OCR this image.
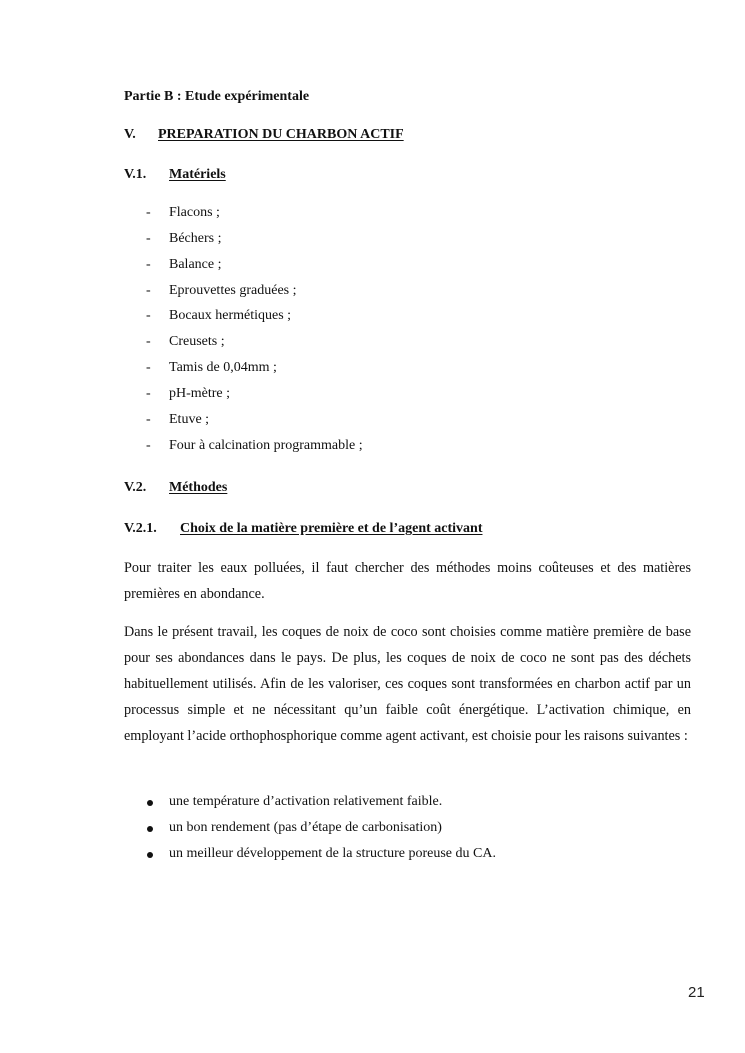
Partie B : Etude expérimentale
V. PREPARATION DU CHARBON ACTIF
V.1. Matériels
- Flacons ;
- Béchers ;
- Balance ;
- Eprouvettes graduées ;
- Bocaux hermétiques ;
- Creusets ;
- Tamis de 0,04mm ;
- pH-mètre ;
- Etuve ;
- Four à calcination programmable ;
V.2. Méthodes
V.2.1. Choix de la matière première et de l’agent activant

Pour traiter les eaux polluées, il faut chercher des méthodes moins coûteuses et des matières premières en abondance.

Dans le présent travail, les coques de noix de coco sont choisies comme matière première de base pour ses abondances dans le pays. De plus, les coques de noix de coco ne sont pas des déchets habituellement utilisés. Afin de les valoriser, ces coques sont transformées en charbon actif par un processus simple et ne nécessitant qu’un faible coût énergétique. L’activation chimique, en employant l’acide orthophosphorique comme agent activant, est choisie pour les raisons suivantes :

une température d’activation relativement faible.
un bon rendement (pas d’étape de carbonisation)
un meilleur développement de la structure poreuse du CA.
21
